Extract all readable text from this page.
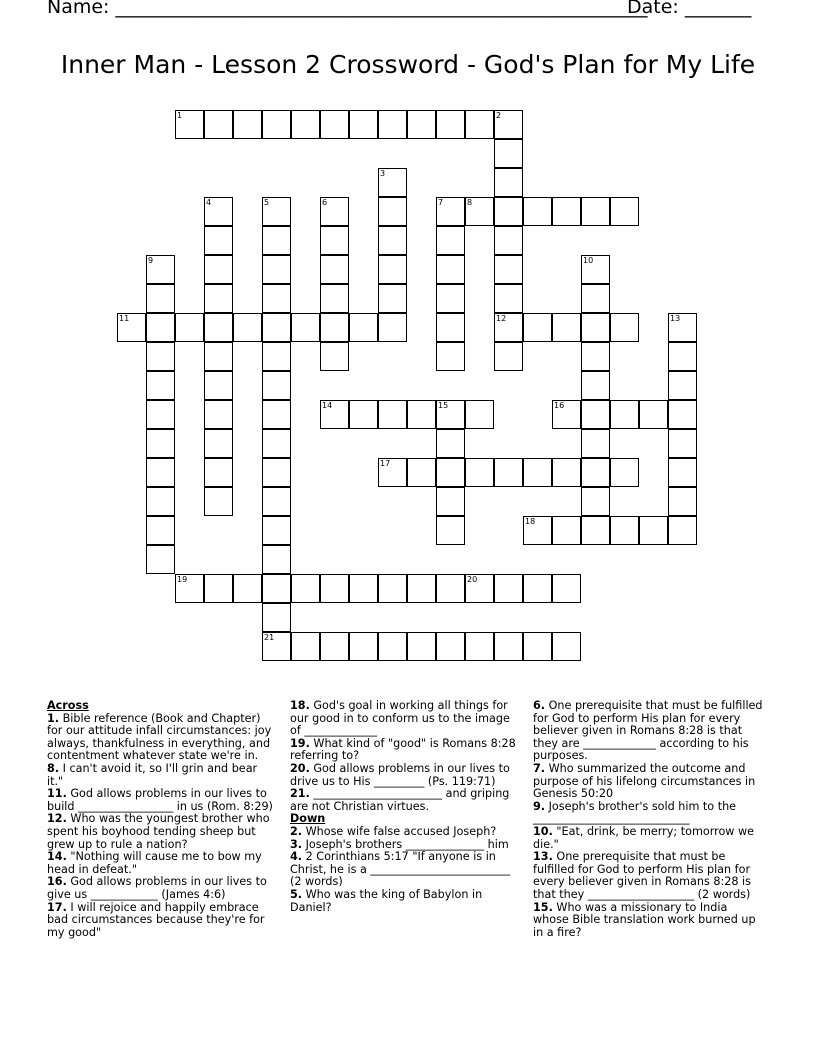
Name: ________________________________________________________
Date: _______
Inner Man - Lesson 2 Crossword - God's Plan for My Life
1	2
12
3
4	5
21
6	7	8
9	10
11	13
14	15	16
17
18
19	20
Across
1. Bible reference (Book and Chapter) for our attitude infall circumstances: joy always, thankfulness in everything, and contentment whatever state we're in.
8. I can't avoid it, so I'll grin and bear it."
11. God allows problems in our lives to build _________________ in us (Rom. 8:29)
12. Who was the youngest brother who spent his boyhood tending sheep but grew up to rule a nation?
14. "Nothing will cause me to bow my head in defeat."
16. God allows problems in our lives to give us ____________ (James 4:6)
17. I will rejoice and happily embrace bad circumstances because they're for my good"
18. God's goal in working all things for our good in to conform us to the image of _____________
19. What kind of "good" is Romans 8:28 referring to?
20. God allows problems in our lives to drive us to His _________ (Ps. 119:71)
21. _______________________ and griping are not Christian virtues.
Down
2. Whose wife false accused Joseph?
3. Joseph's brothers ______________ him
4. 2 Corinthians 5:17 "If anyone is in Christ, he is a _________________________ (2 words)
5. Who was the king of Babylon in Daniel?
6. One prerequisite that must be fulfilled for God to perform His plan for every believer given in Romans 8:28 is that they are _____________ according to his purposes.
7. Who summarized the outcome and purpose of his lifelong circumstances in Genesis 50:20
9. Joseph's brother's sold him to the ____________________________
10. "Eat, drink, be merry; tomorrow we die."
13. One prerequisite that must be fulfilled for God to perform His plan for every believer given in Romans 8:28 is that they ___________________ (2 words)
15. Who was a missionary to India whose Bible translation work burned up in a fire?
